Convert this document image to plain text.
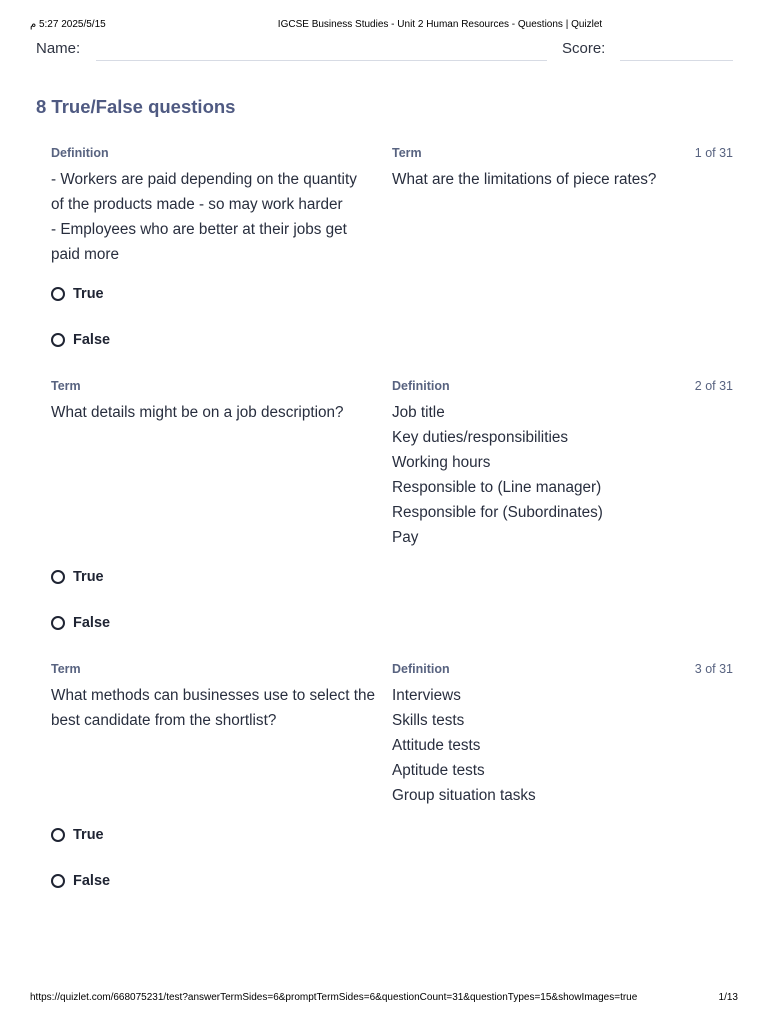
م 5:27 2025/5/15	IGCSE Business Studies - Unit 2 Human Resources - Questions | Quizlet
Name:	Score:
8 True/False questions
Definition	Term	1 of 31
- Workers are paid depending on the quantity
of the products made - so may work harder
- Employees who are better at their jobs get
paid more
What are the limitations of piece rates?
True
False
Term	Definition	2 of 31
What details might be on a job description?	Job title
Key duties/responsibilities
Working hours
Responsible to (Line manager)
Responsible for (Subordinates)
Pay
True
False
Term	Definition	3 of 31
What methods can businesses use to select the
best candidate from the shortlist?
Interviews
Skills tests
Attitude tests
Aptitude tests
Group situation tasks
True
False
https://quizlet.com/668075231/test?answerTermSides=6&promptTermSides=6&questionCount=31&questionTypes=15&showImages=true	1/13
